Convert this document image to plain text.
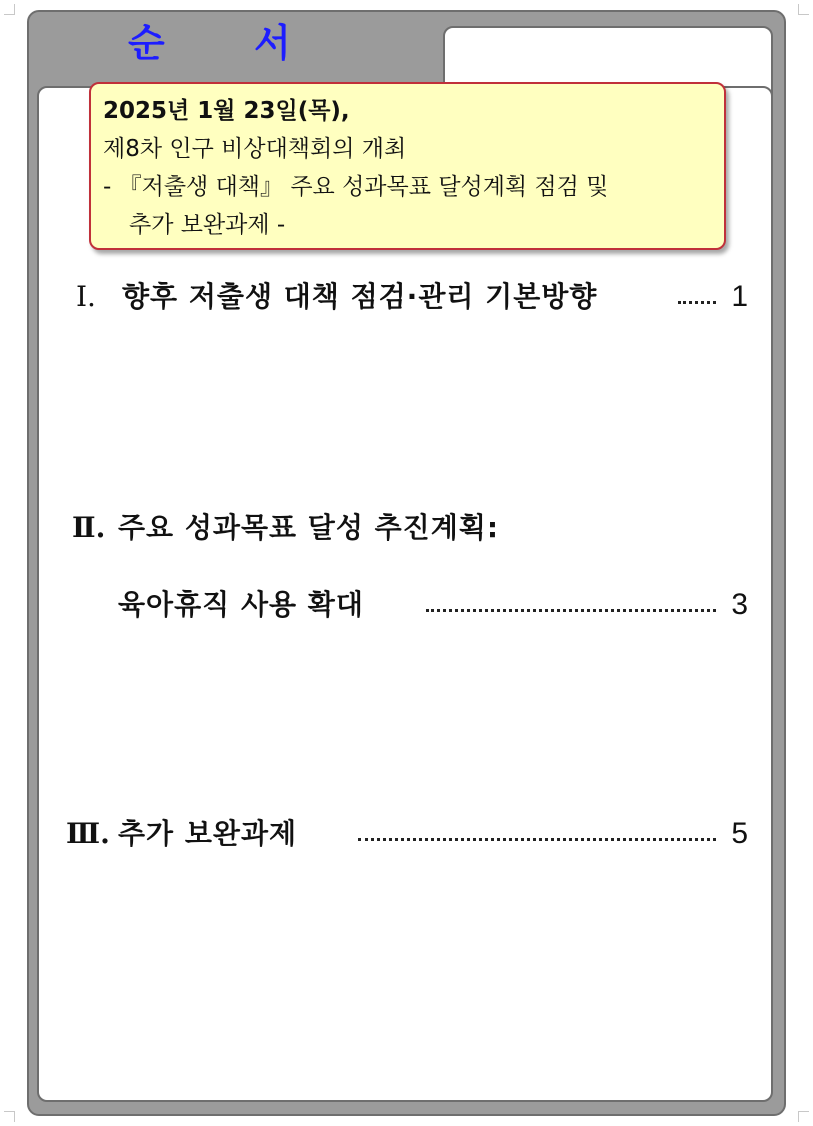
순 서
2025년 1월 23일(목),
제8차 인구 비상대책회의 개최
- 『저출생 대책』 주요 성과목표 달성계획 점검 및
추가 보완과제 -
Ⅰ. 향후 저출생 대책 점검·관리 기본방향	1
Ⅱ. 주요 성과목표 달성 추진계획:
육아휴직 사용 확대	3
Ⅲ. 추가 보완과제	5
